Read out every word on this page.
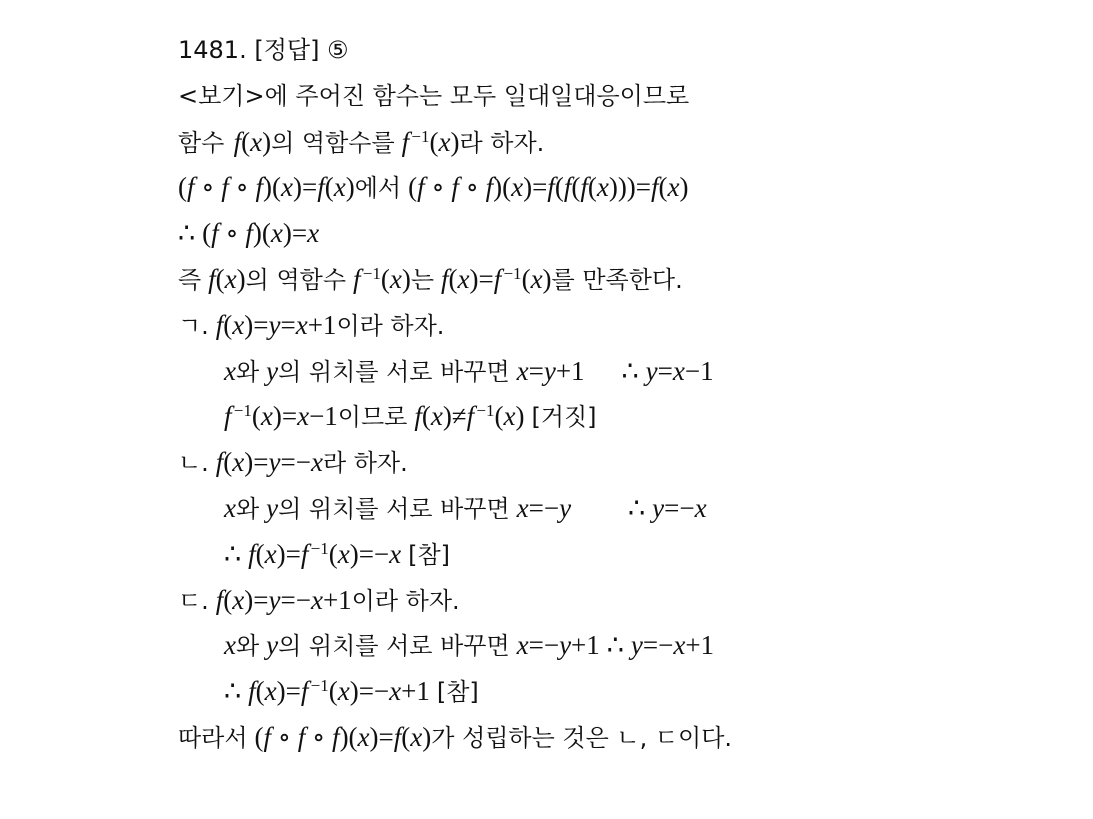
1481. [정답] ⑤
<보기>에 주어진 함수는 모두 일대일대응이므로
함수   f(x)의 역함수를 f  $^{-1}$(x)라 하자.
(f ∘ f ∘ f)(x)=f(x)에서 (f ∘ f ∘ f)(x)=f(f(f(x)))=f(x)
∴ (f ∘ f)(x)=x
즉 f(x)의 역함수 f  $^{-1}$(x)는 f(x)=f  $^{-1}$(x)를 만족한다.
ㄱ. f(x)=y=x+1이라 하자.
x와 y의 위치를 서로 바꾸면 x=y+1 ∴ y=x−1
f  $^{-1}$(x)=x−1이므로 f(x)≠f  $^{-1}$(x) [거짓]
ㄴ. f(x)=y=−x라 하자.
x와 y의 위치를 서로 바꾸면 x=−y ∴ y=−x
∴ f(x)=f  $^{-1}$(x)=−x [참]
ㄷ. f(x)=y=−x+1이라 하자.
x와 y의 위치를 서로 바꾸면 x=−y+1 ∴ y=−x+1
∴ f(x)=f  $^{-1}$(x)=−x+1 [참]
따라서 (f ∘ f ∘ f)(x)=f(x)가 성립하는 것은 ㄴ, ㄷ이다.
